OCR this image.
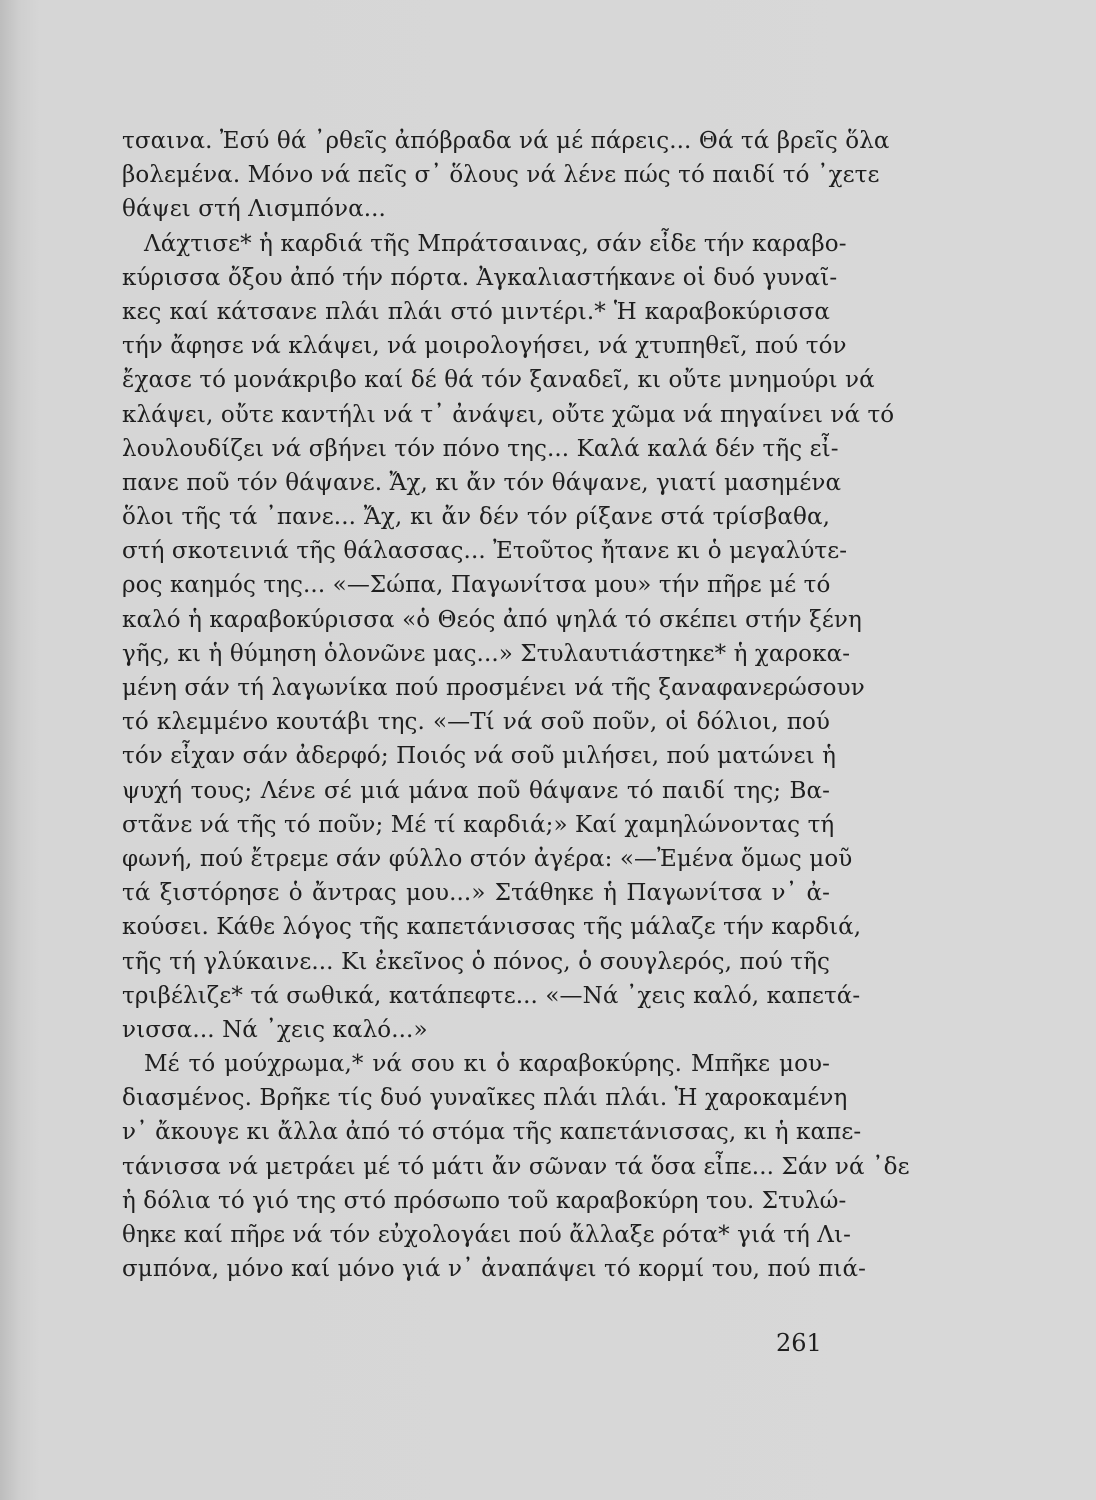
τσαινα. Ἐσύ θά ᾿ρθεῖς ἀπόβραδα νά μέ πάρεις... Θά τά βρεῖς ὅλα
βολεμένα. Μόνο νά πεῖς σ᾿ ὅλους νά λένε πώς τό παιδί τό ᾿χετε
θάψει στή Λισμπόνα...
Λάχτισε* ἡ καρδιά τῆς Μπράτσαινας, σάν εἶδε τήν καραβο-
κύρισσα ὄξου ἀπό τήν πόρτα. Ἀγκαλιαστήκανε οἱ δυό γυναῖ-
κες καί κάτσανε πλάι πλάι στό μιντέρι.* Ἡ καραβοκύρισσα
τήν ἄφησε νά κλάψει, νά μοιρολογήσει, νά χτυπηθεῖ, πού τόν
ἔχασε τό μονάκριβο καί δέ θά τόν ξαναδεῖ, κι οὔτε μνημούρι νά
κλάψει, οὔτε καντήλι νά τ᾿ ἀνάψει, οὔτε χῶμα νά πηγαίνει νά τό
λουλουδίζει νά σβήνει τόν πόνο της... Καλά καλά δέν τῆς εἶ-
πανε ποῦ τόν θάψανε. Ἄχ, κι ἄν τόν θάψανε, γιατί μασημένα
ὅλοι τῆς τά ᾿πανε... Ἄχ, κι ἄν δέν τόν ρίξανε στά τρίσβαθα,
στή σκοτεινιά τῆς θάλασσας... Ἐτοῦτος ἤτανε κι ὁ μεγαλύτε-
ρος καημός της... «—Σώπα, Παγωνίτσα μου» τήν πῆρε μέ τό
καλό ἡ καραβοκύρισσα «ὁ Θεός ἀπό ψηλά τό σκέπει στήν ξένη
γῆς, κι ἡ θύμηση ὁλονῶνε μας...» Στυλαυτιάστηκε* ἡ χαροκα-
μένη σάν τή λαγωνίκα πού προσμένει νά τῆς ξαναφανερώσουν
τό κλεμμένο κουτάβι της. «—Τί νά σοῦ ποῦν, οἱ δόλιοι, πού
τόν εἶχαν σάν ἀδερφό; Ποιός νά σοῦ μιλήσει, πού ματώνει ἡ
ψυχή τους; Λένε σέ μιά μάνα ποῦ θάψανε τό παιδί της; Βα-
στᾶνε νά τῆς τό ποῦν; Μέ τί καρδιά;» Καί χαμηλώνοντας τή
φωνή, πού ἔτρεμε σάν φύλλο στόν ἀγέρα: «—Ἐμένα ὅμως μοῦ
τά ξιστόρησε ὁ ἄντρας μου...» Στάθηκε ἡ Παγωνίτσα ν᾿ ἀ-
κούσει. Κάθε λόγος τῆς καπετάνισσας τῆς μάλαζε τήν καρδιά,
τῆς τή γλύκαινε... Κι ἐκεῖνος ὁ πόνος, ὁ σουγλερός, πού τῆς
τριβέλιζε* τά σωθικά, κατάπεφτε... «—Νά ᾿χεις καλό, καπετά-
νισσα... Νά ᾿χεις καλό...»
Μέ τό μούχρωμα,* νά σου κι ὁ καραβοκύρης. Μπῆκε μου-
διασμένος. Βρῆκε τίς δυό γυναῖκες πλάι πλάι. Ἡ χαροκαμένη
ν᾿ ἄκουγε κι ἄλλα ἀπό τό στόμα τῆς καπετάνισσας, κι ἡ καπε-
τάνισσα νά μετράει μέ τό μάτι ἄν σῶναν τά ὅσα εἶπε... Σάν νά ᾿δε
ἡ δόλια τό γιό της στό πρόσωπο τοῦ καραβοκύρη του. Στυλώ-
θηκε καί πῆρε νά τόν εὐχολογάει πού ἄλλαξε ρότα* γιά τή Λι-
σμπόνα, μόνο καί μόνο γιά ν᾿ ἀναπάψει τό κορμί του, πού πιά-
261
